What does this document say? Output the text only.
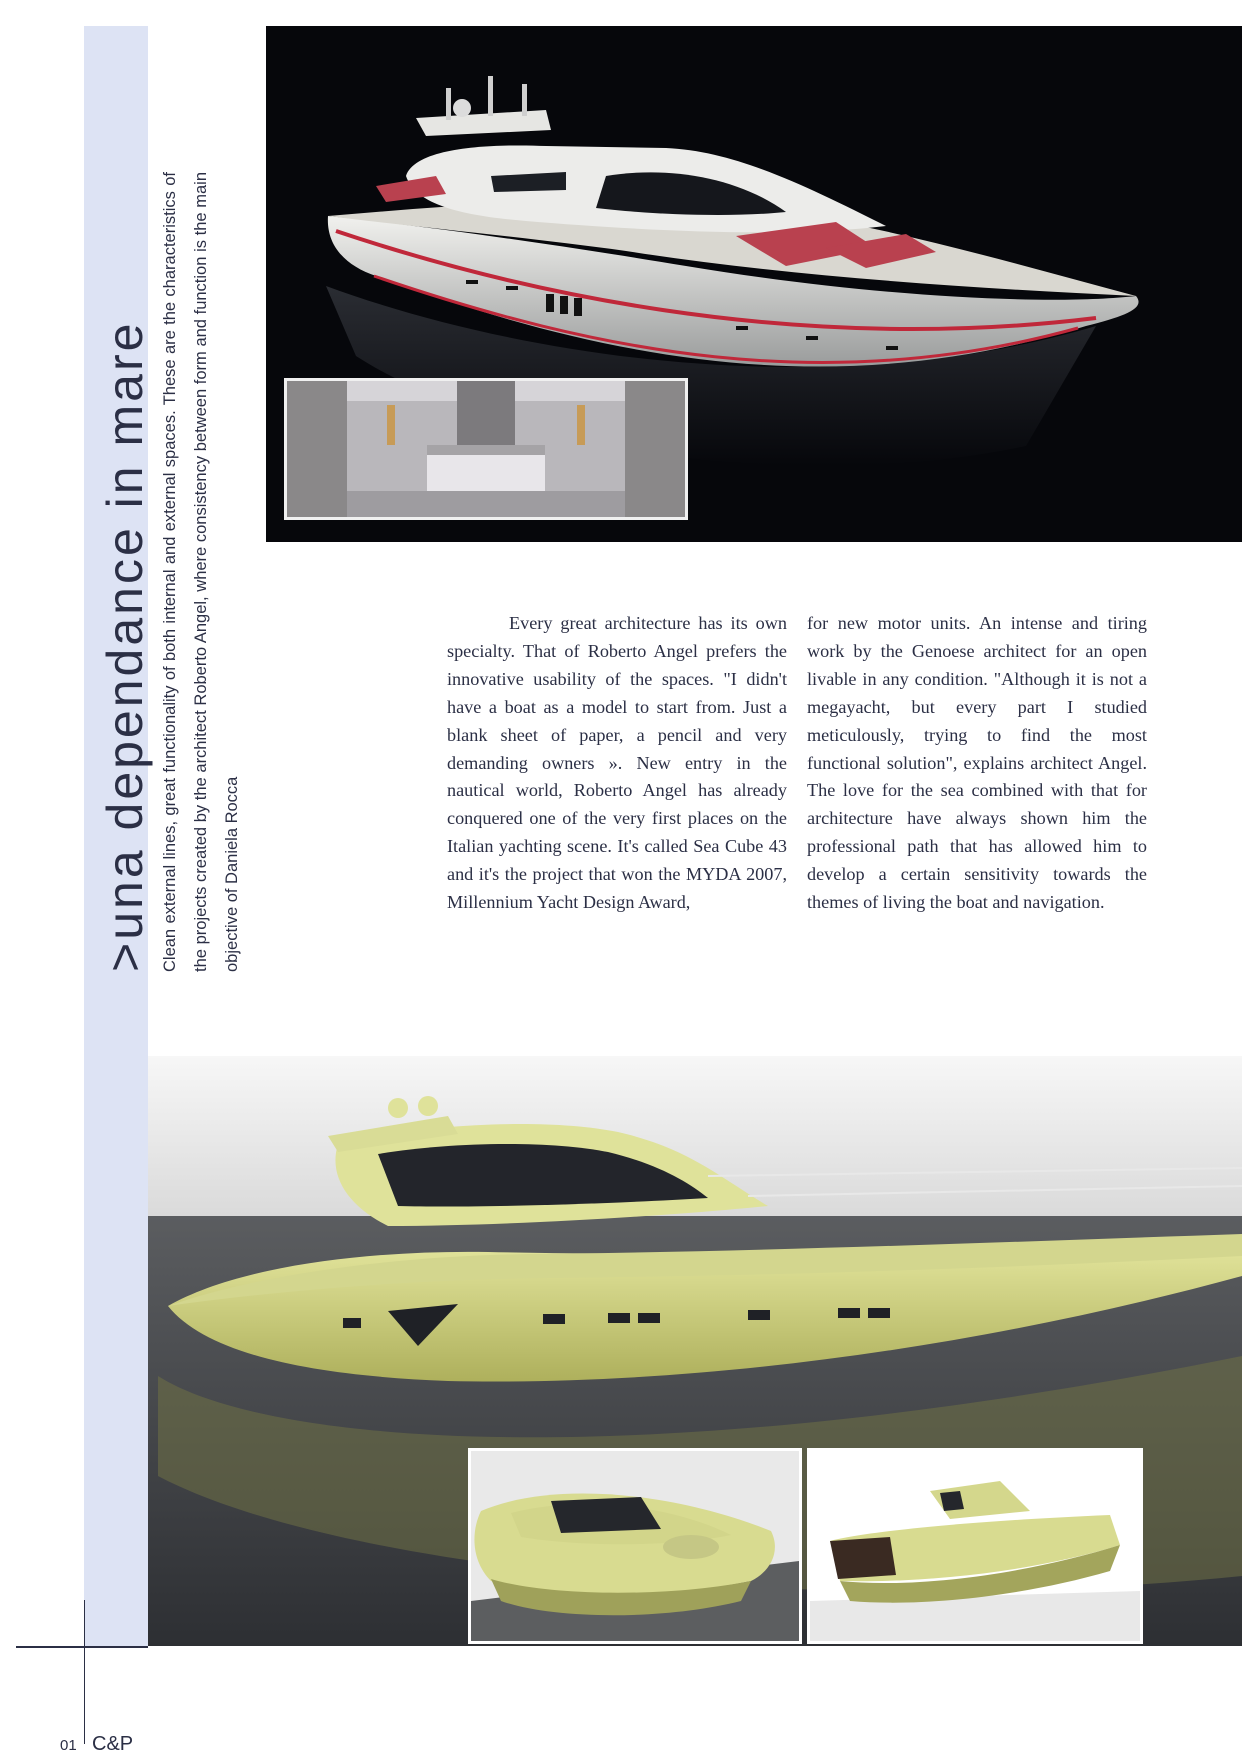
>una dependance in mare Clean external lines, great functionality of both internal and external spaces. These are the characteristics of the projects created by the architect Roberto Angel, where consistency between form and function is the main objective of Daniela Rocca

Every great architecture has its own specialty. That of Roberto Angel prefers the innovative usability of the spaces. "I didn't have a boat as a model to start from. Just a blank sheet of paper, a pencil and very demanding owners ». New entry in the nautical world, Roberto Angel has already conquered one of the very first places on the Italian yachting scene. It's called Sea Cube 43 and it's the project that won the MYDA 2007, Millennium Yacht Design Award,

for new motor units. An intense and tiring work by the Genoese architect for an open livable in any condition. "Although it is not a megayacht, but every part I studied meticulously, trying to find the most functional solution", explains architect Angel. The love for the sea combined with that for architecture have always shown him the professional path that has allowed him to develop a certain sensitivity towards the themes of living the boat and navigation.

01 C&P
